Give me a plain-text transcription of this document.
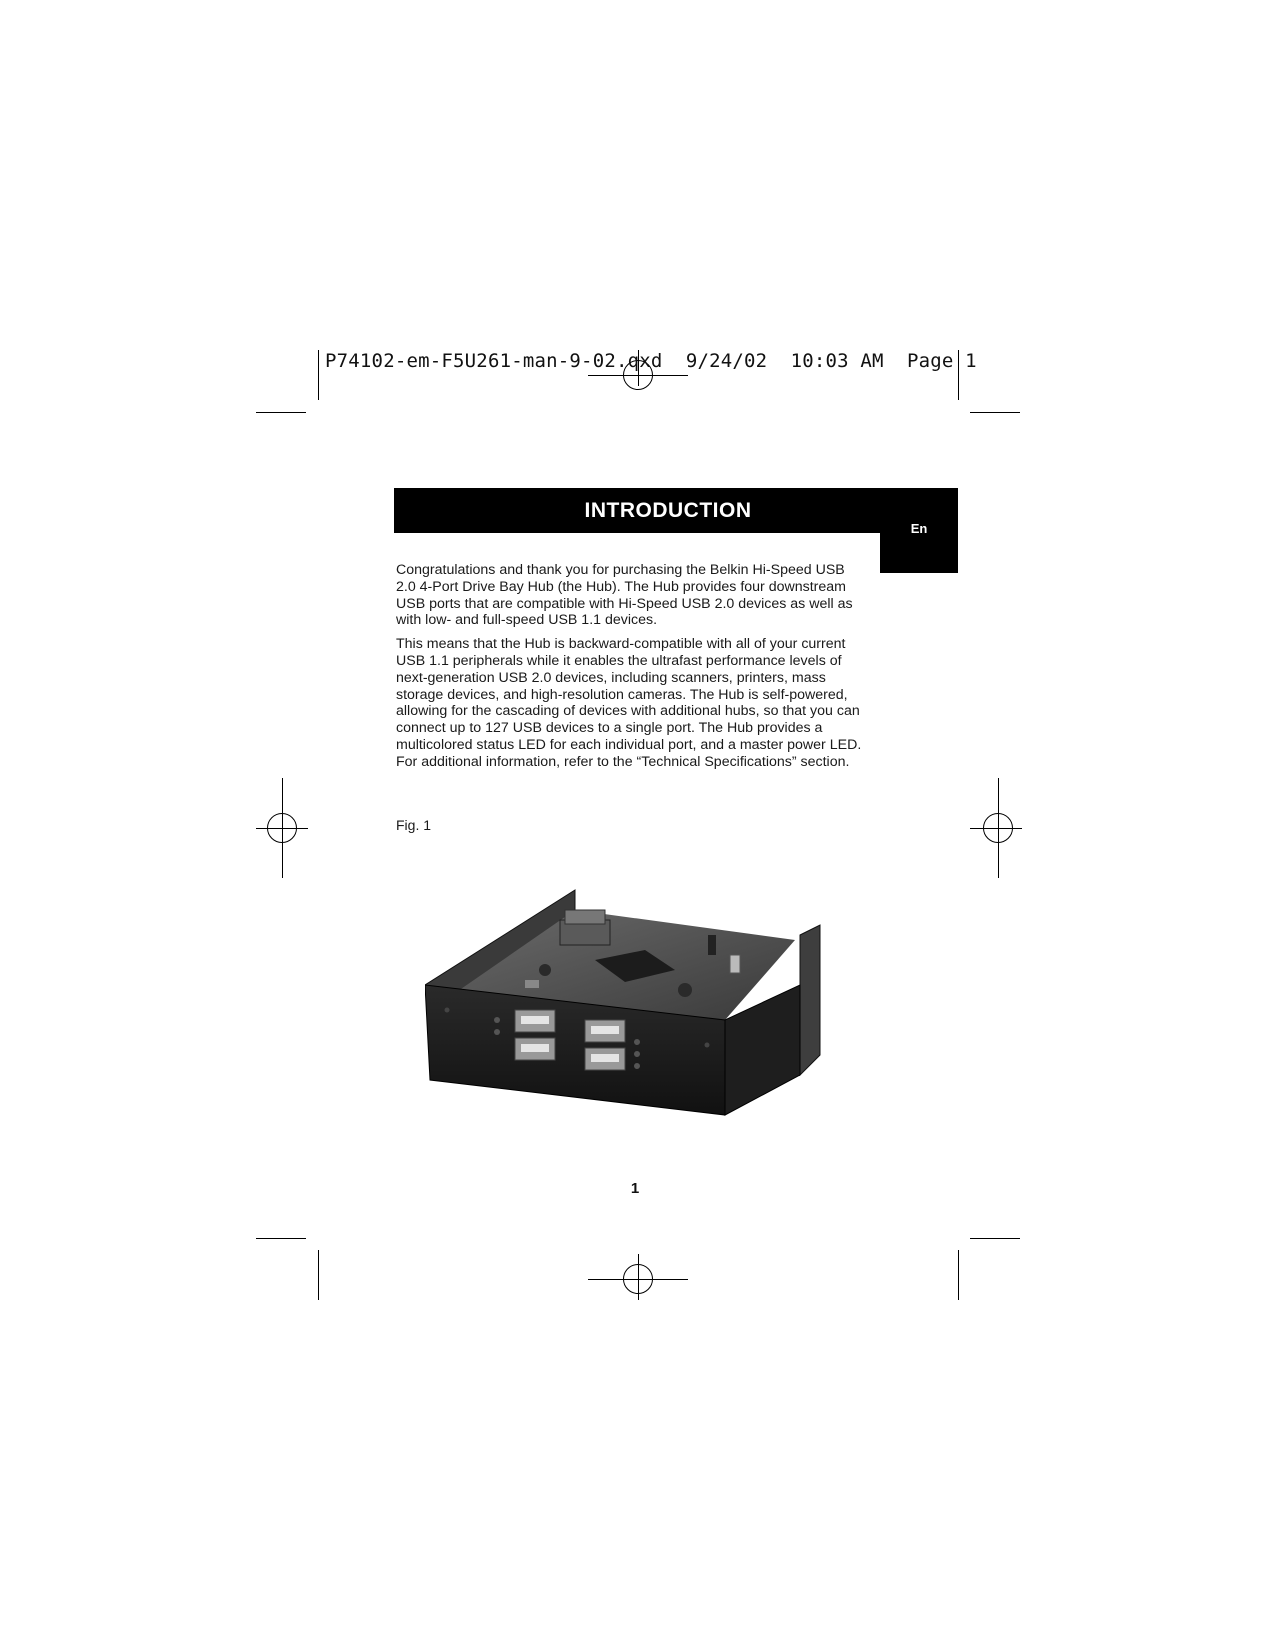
P74102-em-F5U261-man-9-02.qxd 9/24/02 10:03 AM Page 1
INTRODUCTION
En

Congratulations and thank you for purchasing the Belkin Hi-Speed USB 2.0 4-Port Drive Bay Hub (the Hub). The Hub provides four downstream USB ports that are compatible with Hi-Speed USB 2.0 devices as well as with low- and full-speed USB 1.1 devices.

This means that the Hub is backward-compatible with all of your current USB 1.1 peripherals while it enables the ultrafast performance levels of next-generation USB 2.0 devices, including scanners, printers, mass storage devices, and high-resolution cameras. The Hub is self-powered, allowing for the cascading of devices with additional hubs, so that you can connect up to 127 USB devices to a single port. The Hub provides a multicolored status LED for each individual port, and a master power LED. For additional information, refer to the “Technical Specifications” section.

Fig. 1
1
